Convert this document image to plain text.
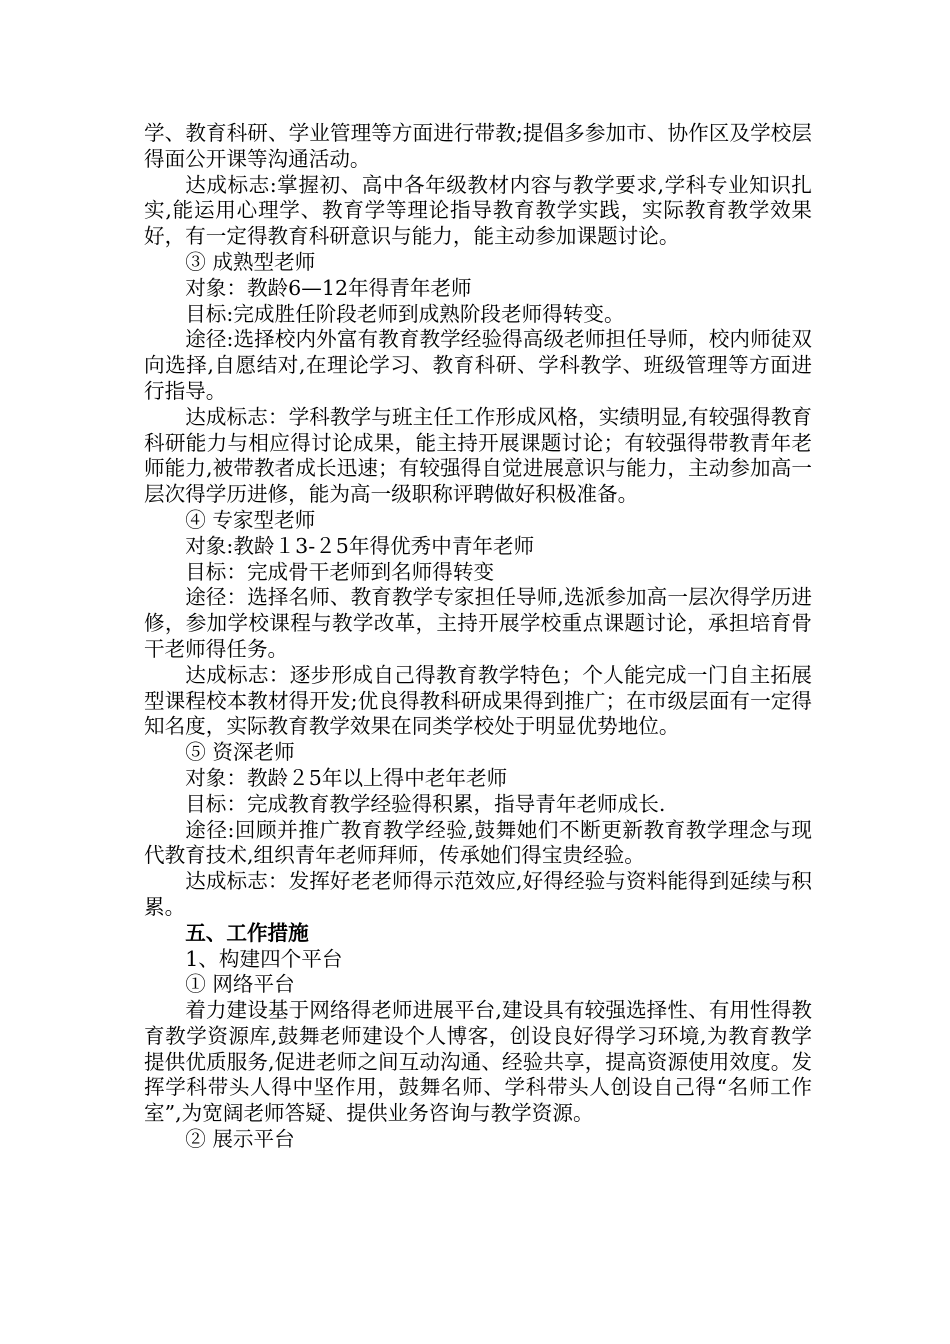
学、教育科研、学业管理等方面进行带教;提倡多参加市、协作区及学校层得面公开课等沟通活动。

达成标志:掌握初、高中各年级教材内容与教学要求,学科专业知识扎实,能运用心理学、教育学等理论指导教育教学实践，实际教育教学效果好，有一定得教育科研意识与能力，能主动参加课题讨论。

③ 成熟型老师

对象：教龄6—12年得青年老师

目标:完成胜任阶段老师到成熟阶段老师得转变。

途径:选择校内外富有教育教学经验得高级老师担任导师，校内师徒双向选择,自愿结对,在理论学习、教育科研、学科教学、班级管理等方面进行指导。

达成标志：学科教学与班主任工作形成风格，实绩明显,有较强得教育科研能力与相应得讨论成果，能主持开展课题讨论；有较强得带教青年老师能力,被带教者成长迅速；有较强得自觉进展意识与能力，主动参加高一层次得学历进修，能为高一级职称评聘做好积极准备。

④ 专家型老师

对象:教龄１3-２5年得优秀中青年老师

目标：完成骨干老师到名师得转变

途径：选择名师、教育教学专家担任导师,选派参加高一层次得学历进修，参加学校课程与教学改革，主持开展学校重点课题讨论，承担培育骨干老师得任务。

达成标志：逐步形成自己得教育教学特色；个人能完成一门自主拓展型课程校本教材得开发;优良得教科研成果得到推广；在市级层面有一定得知名度，实际教育教学效果在同类学校处于明显优势地位。

⑤ 资深老师

对象：教龄２5年以上得中老年老师

目标：完成教育教学经验得积累，指导青年老师成长.

途径:回顾并推广教育教学经验,鼓舞她们不断更新教育教学理念与现代教育技术,组织青年老师拜师，传承她们得宝贵经验。

达成标志：发挥好老老师得示范效应,好得经验与资料能得到延续与积累。

五、工作措施

1、构建四个平台

① 网络平台

着力建设基于网络得老师进展平台,建设具有较强选择性、有用性得教育教学资源库,鼓舞老师建设个人博客，创设良好得学习环境,为教育教学提供优质服务,促进老师之间互动沟通、经验共享，提高资源使用效度。发挥学科带头人得中坚作用，鼓舞名师、学科带头人创设自己得“名师工作室”,为宽阔老师答疑、提供业务咨询与教学资源。

② 展示平台
